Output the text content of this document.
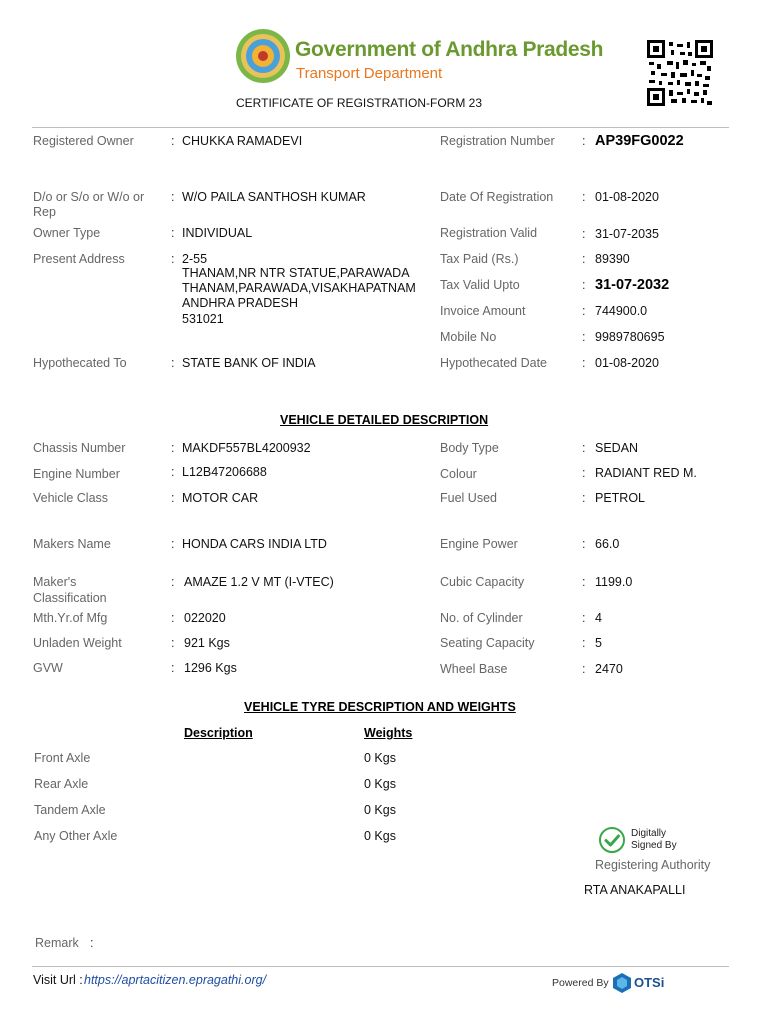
Government of Andhra Pradesh
Transport Department
CERTIFICATE OF REGISTRATION-FORM 23
Registered Owner	: CHUKKA RAMADEVI	Registration Number : AP39FG0022
D/o or S/o or W/o or
Rep
: W/O PAILA SANTHOSH KUMAR	Date Of Registration : 01-08-2020
Owner Type	: INDIVIDUAL	Registration Valid	: 31-07-2035
Present Address	: 2-55
THANAM,NR NTR STATUE,PARAWADA
THANAM,PARAWADA,VISAKHAPATNAM
ANDHRA PRADESH
531021
Tax Paid (Rs.)	: 89390
Tax Valid Upto	: 31-07-2032
Invoice Amount	: 744900.0
Mobile No	: 9989780695
Hypothecated To	: STATE BANK OF INDIA	Hypothecated Date	: 01-08-2020
VEHICLE DETAILED DESCRIPTION
Chassis Number	: MAKDF557BL4200932	Body Type	: SEDAN
Engine Number	: L12B47206688	Colour	: RADIANT RED M.
Vehicle Class	: MOTOR CAR	Fuel Used	: PETROL
Makers Name	: HONDA CARS INDIA LTD	Engine Power	: 66.0
Maker's
Classification
: AMAZE 1.2 V MT (I-VTEC)	Cubic Capacity	: 1199.0
Mth.Yr.of Mfg	: 022020	No. of Cylinder	: 4
Unladen Weight	: 921 Kgs	Seating Capacity	: 5
GVW	: 1296 Kgs	Wheel Base	: 2470
VEHICLE TYRE DESCRIPTION AND WEIGHTS
Description	Weights
Front Axle	0 Kgs
Rear Axle	0 Kgs
Tandem Axle	0 Kgs
Any Other Axle	0 Kgs	Digitally
Signed By
Registering Authority
RTA ANAKAPALLI
Remark :
Visit Url : https://aprtacitizen.epragathi.org/	Powered By OTSi
